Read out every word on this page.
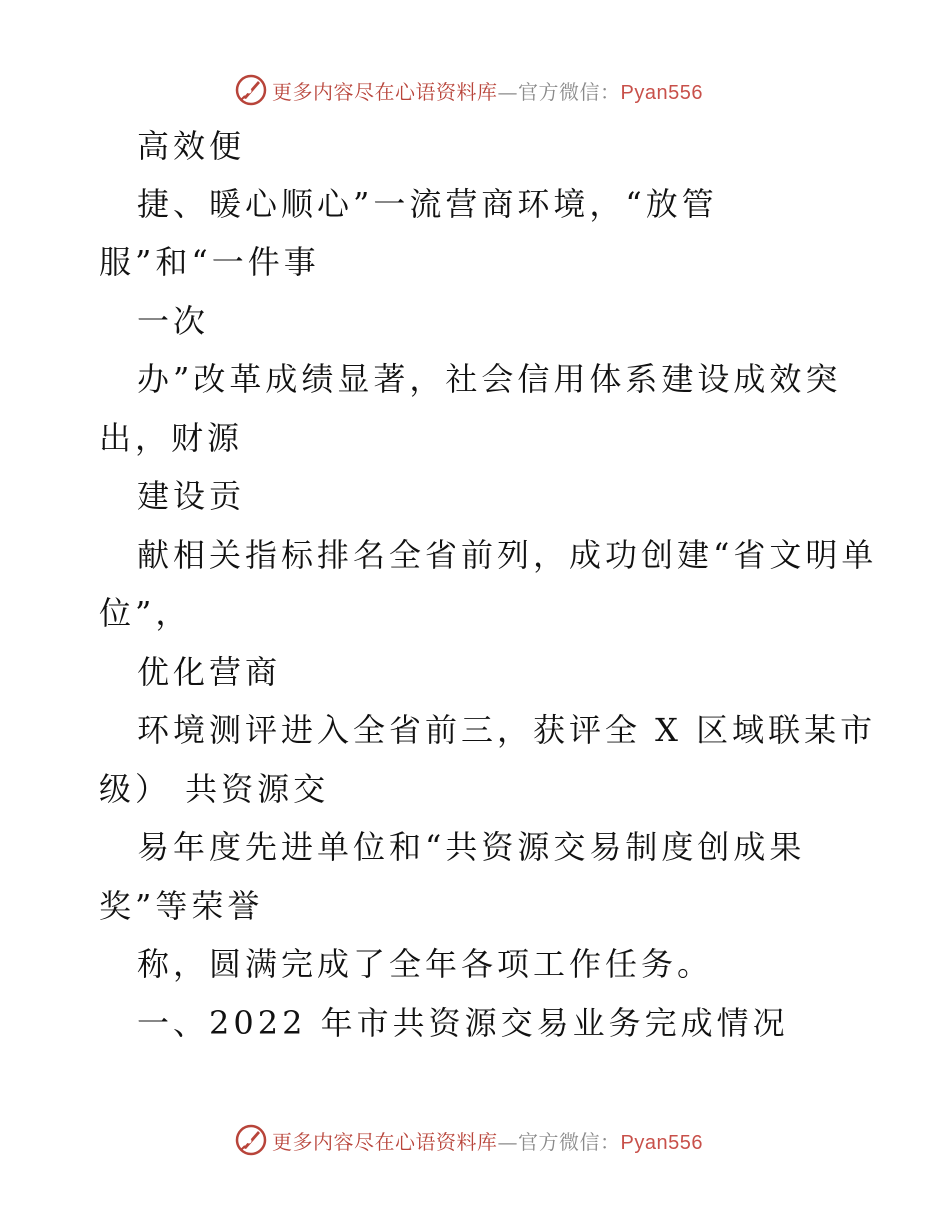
更多内容尽在心语资料库—官方微信：Pyan556
高效便
捷、暖心顺心”一流营商环境，“放管
服”和“一件事
一次
办”改革成绩显著，社会信用体系建设成效突
出，财源
建设贡
献相关指标排名全省前列，成功创建“省文明单
位”，
优化营商
环境测评进入全省前三，获评全 X 区域联某市
级） 共资源交
易年度先进单位和“共资源交易制度创成果
奖”等荣誉
称，圆满完成了全年各项工作任务。
一、2022 年市共资源交易业务完成情况
更多内容尽在心语资料库—官方微信：Pyan556
